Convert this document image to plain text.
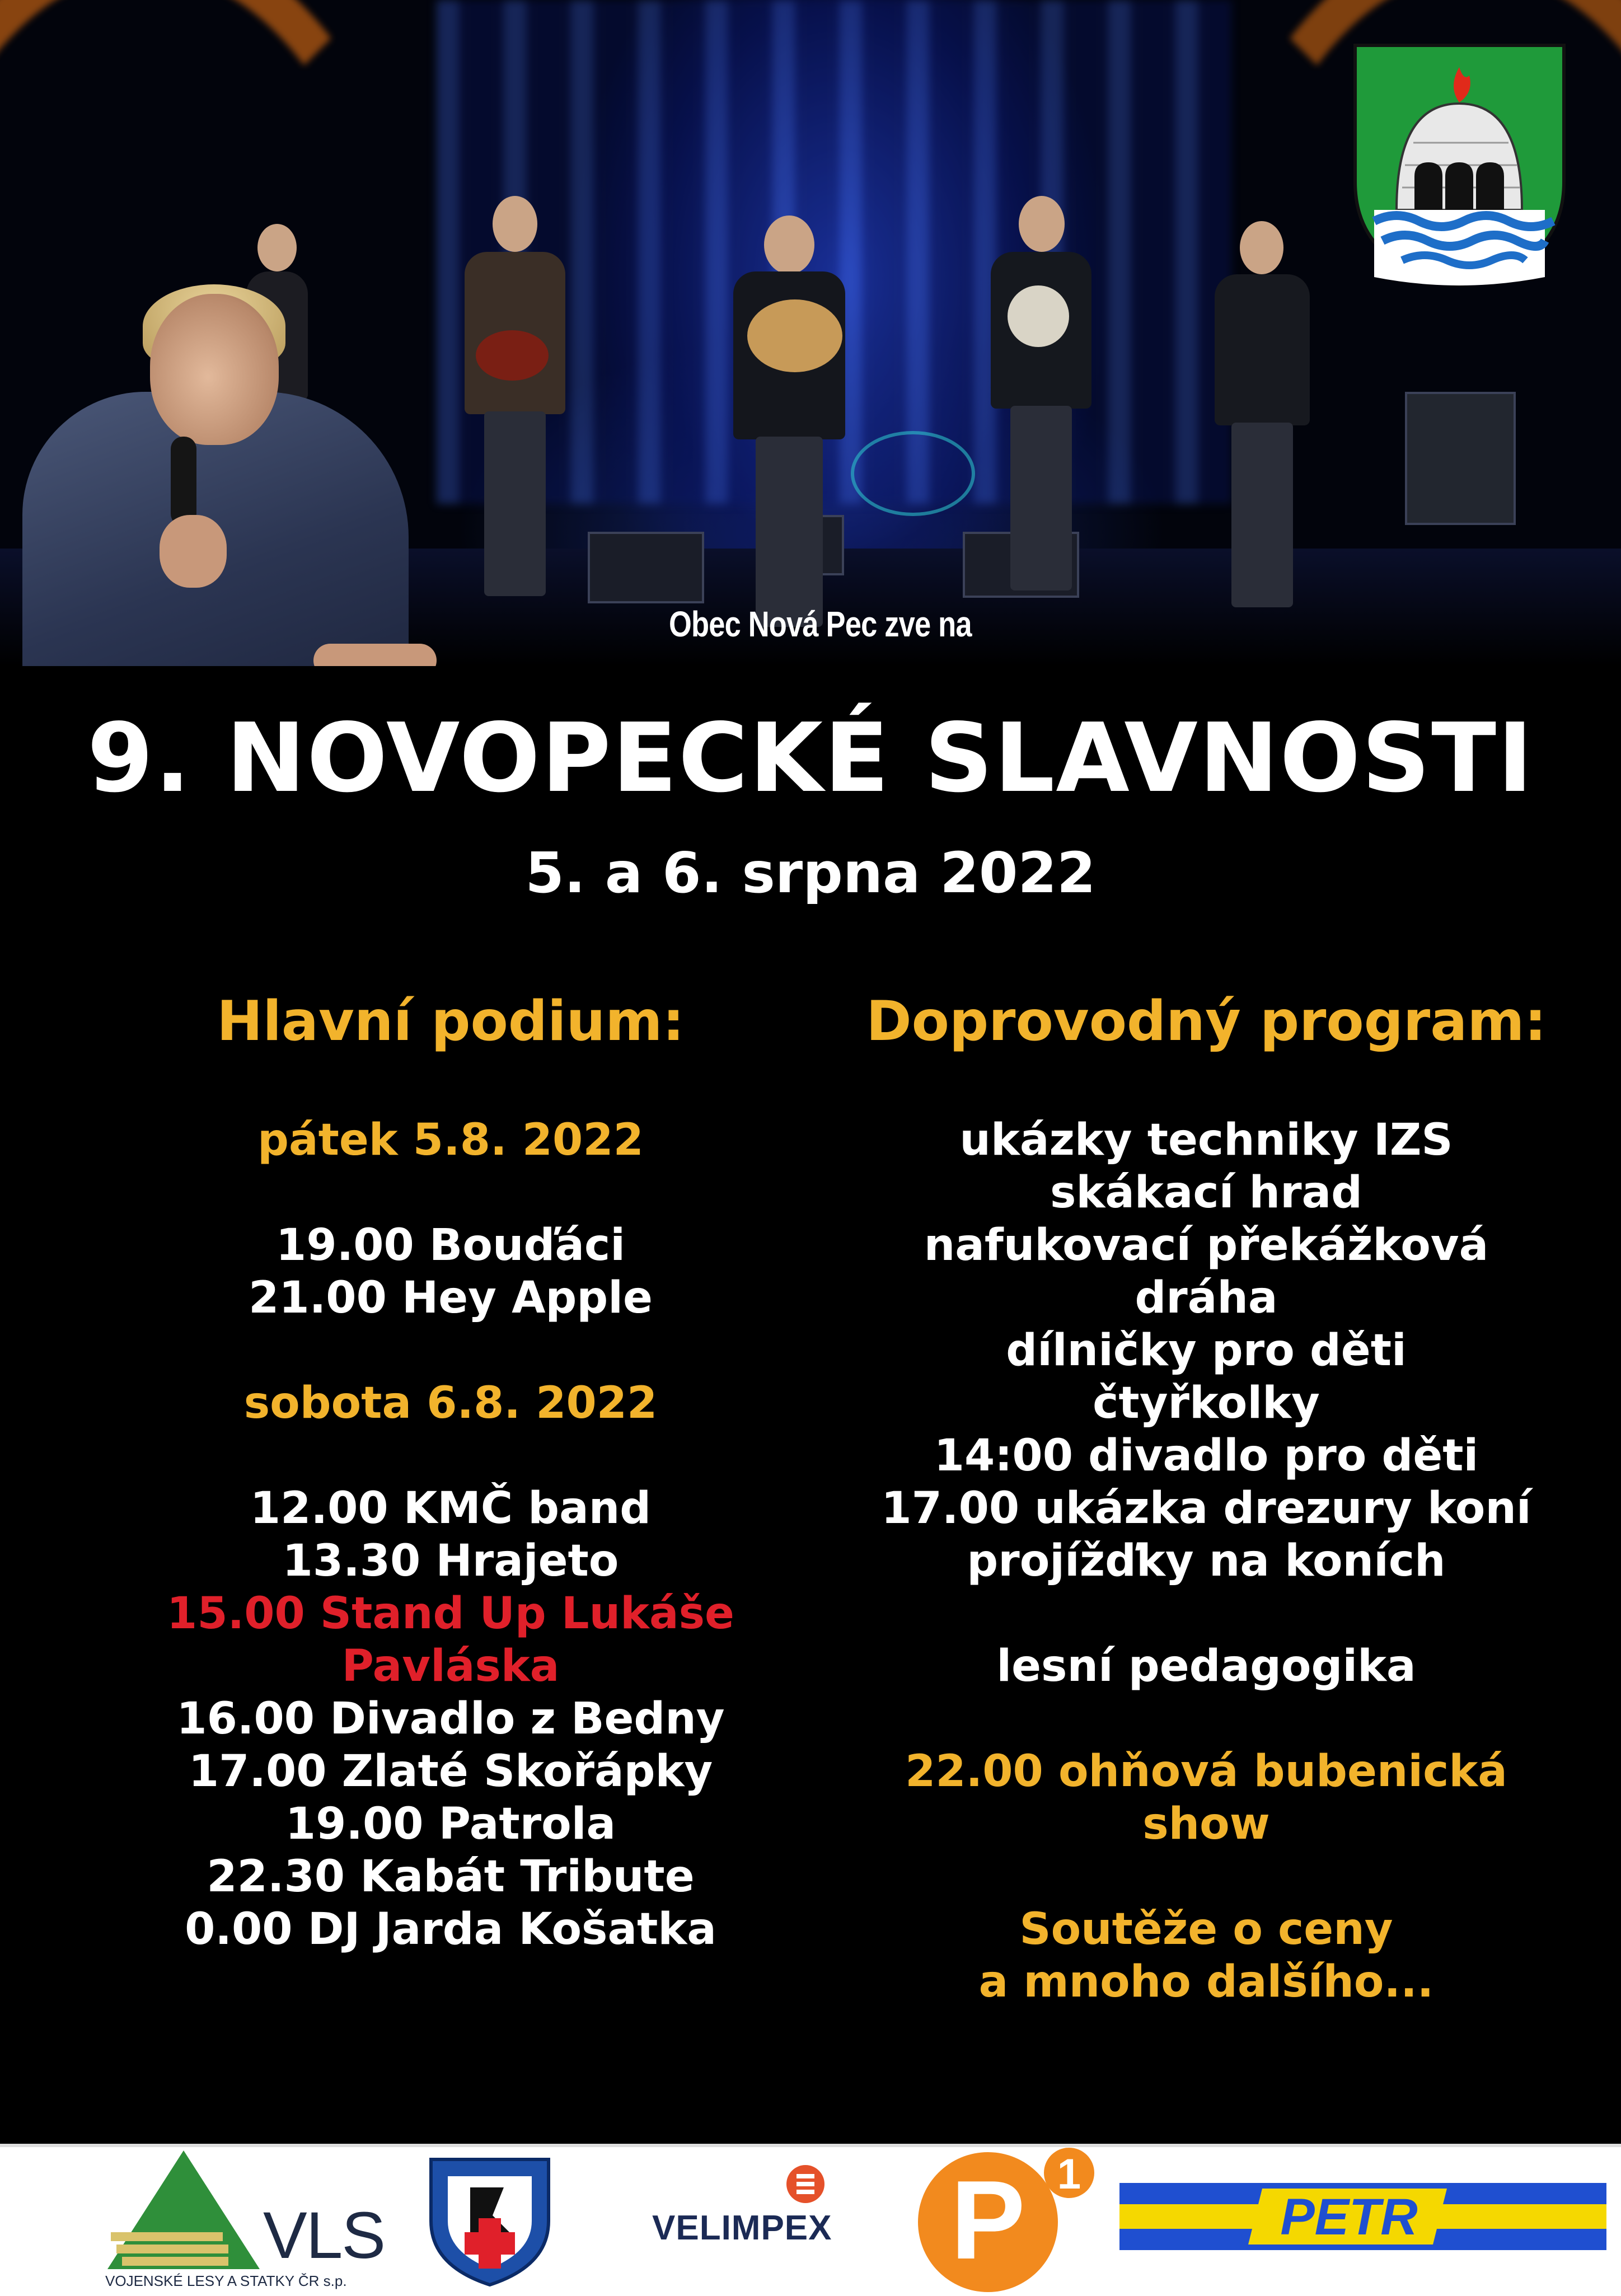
Obec Nová Pec zve na
9. NOVOPECKÉ SLAVNOSTI
5. a 6. srpna 2022
Hlavní podium:
pátek 5.8. 2022
19.00 Bouďáci
21.00 Hey Apple
sobota 6.8. 2022
12.00 KMČ band
13.30 Hrajeto
15.00 Stand Up Lukáše
Pavláska
16.00 Divadlo z Bedny
17.00 Zlaté Skořápky
19.00 Patrola
22.30 Kabát Tribute
0.00 DJ Jarda Košatka
Doprovodný program:
ukázky techniky IZS
skákací hrad
nafukovací překážková
dráha
dílničky pro děti
čtyřkolky
14:00 divadlo pro děti
17.00 ukázka drezury koní
projížďky na koních
lesní pedagogika
22.00 ohňová bubenická
show
Soutěže o ceny
a mnoho dalšího...
VLS
VOJENSKÉ LESY A STATKY ČR s.p.
VELIMPEX P 1
PETR
